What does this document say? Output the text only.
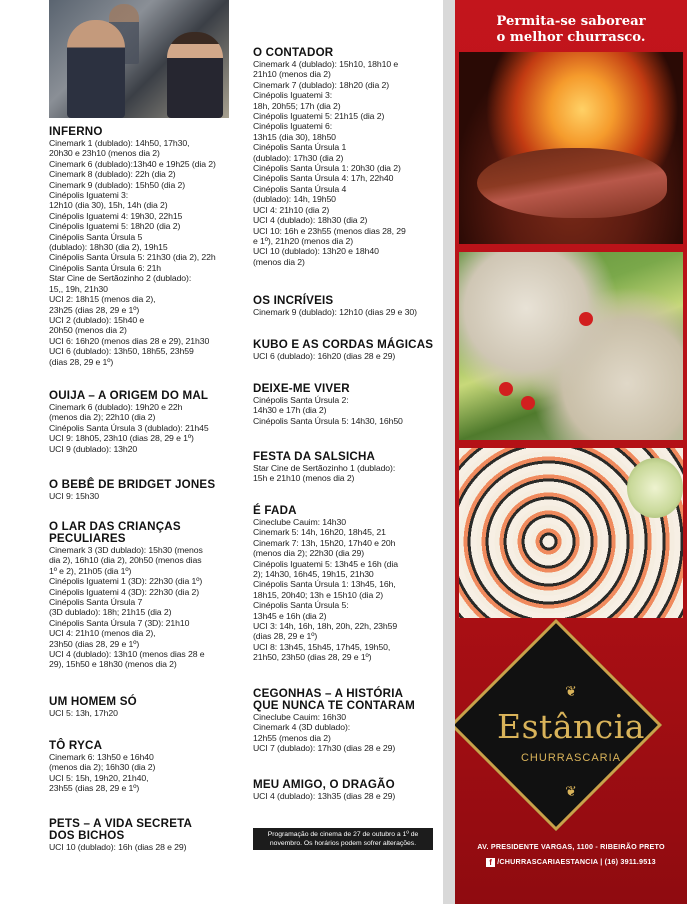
INFERNO
Cinemark 1 (dublado): 14h50, 17h30,
20h30 e 23h10 (menos dia 2)
Cinemark 6 (dublado):13h40 e 19h25 (dia 2)
Cinemark 8 (dublado): 22h (dia 2)
Cinemark 9 (dublado): 15h50 (dia 2)
Cinépolis Iguatemi 3:
12h10 (dia 30), 15h, 14h (dia 2)
Cinépolis Iguatemi 4: 19h30, 22h15
Cinépolis Iguatemi 5: 18h20 (dia 2)
Cinépolis Santa Úrsula 5
(dublado): 18h30 (dia 2), 19h15
Cinépolis Santa Úrsula 5: 21h30 (dia 2), 22h
Cinépolis Santa Úrsula 6: 21h
Star Cine de Sertãozinho 2 (dublado):
15,, 19h, 21h30
UCI 2: 18h15 (menos dia 2),
23h25 (dias 28, 29 e 1º)
UCI 2 (dublado): 15h40 e
20h50 (menos dia 2)
UCI 6: 16h20 (menos dias 28 e 29), 21h30
UCI 6 (dublado): 13h50, 18h55, 23h59
(dias 28, 29 e 1º)
OUIJA – A ORIGEM DO MAL
Cinemark 6 (dublado): 19h20 e 22h
(menos dia 2); 22h10 (dia 2)
Cinépolis Santa Úrsula 3 (dublado): 21h45
UCI 9: 18h05, 23h10 (dias 28, 29 e 1º)
UCI 9 (dublado): 13h20
O BEBÊ DE BRIDGET JONES
UCI 9: 15h30
O LAR DAS CRIANÇAS
PECULIARES
Cinemark 3 (3D dublado): 15h30 (menos
dia 2), 16h10 (dia 2), 20h50 (menos dias
1º e 2), 21h05 (dia 1º)
Cinépolis Iguatemi 1 (3D): 22h30 (dia 1º)
Cinépolis Iguatemi 4 (3D): 22h30 (dia 2)
Cinépolis Santa Úrsula 7
(3D dublado): 18h; 21h15 (dia 2)
Cinépolis Santa Úrsula 7 (3D): 21h10
UCI 4: 21h10 (menos dia 2),
23h50 (dias 28, 29 e 1º)
UCI 4 (dublado): 13h10 (menos dias 28 e
29), 15h50 e 18h30 (menos dia 2)
UM HOMEM SÓ
UCI 5: 13h, 17h20
TÔ RYCA
Cinemark 6: 13h50 e 16h40
(menos dia 2); 16h30 (dia 2)
UCI 5: 15h, 19h20, 21h40,
23h55 (dias 28, 29 e 1º)
PETS – A VIDA SECRETA
DOS BICHOS
UCI 10 (dublado): 16h (dias 28 e 29)
O CONTADOR
Cinemark 4 (dublado): 15h10, 18h10 e
21h10 (menos dia 2)
Cinemark 7 (dublado): 18h20 (dia 2)
Cinépolis Iguatemi 3:
18h, 20h55; 17h (dia 2)
Cinépolis Iguatemi 5: 21h15 (dia 2)
Cinépolis Iguatemi 6:
13h15 (dia 30), 18h50
Cinépolis Santa Úrsula 1
(dublado): 17h30 (dia 2)
Cinépolis Santa Úrsula 1: 20h30 (dia 2)
Cinépolis Santa Úrsula 4: 17h, 22h40
Cinépolis Santa Úrsula 4
(dublado): 14h, 19h50
UCI 4: 21h10 (dia 2)
UCI 4 (dublado): 18h30 (dia 2)
UCI 10: 16h e 23h55 (menos dias 28, 29
e 1º), 21h20 (menos dia 2)
UCI 10 (dublado): 13h20 e 18h40
(menos dia 2)
OS INCRÍVEIS
Cinemark 9 (dublado): 12h10 (dias 29 e 30)
KUBO E AS CORDAS MÁGICAS
UCI 6 (dublado): 16h20 (dias 28 e 29)
DEIXE-ME VIVER
Cinépolis Santa Úrsula 2:
14h30 e 17h (dia 2)
Cinépolis Santa Úrsula 5: 14h30, 16h50
FESTA DA SALSICHA
Star Cine de Sertãozinho 1 (dublado):
15h e 21h10 (menos dia 2)
É FADA
Cineclube Cauim: 14h30
Cinemark 5: 14h, 16h20, 18h45, 21
Cinemark 7: 13h, 15h20, 17h40 e 20h
(menos dia 2); 22h30 (dia 29)
Cinépolis Iguatemi 5: 13h45 e 16h (dia
2); 14h30, 16h45, 19h15, 21h30
Cinépolis Santa Úrsula 1: 13h45, 16h,
18h15, 20h40; 13h e 15h10 (dia 2)
Cinépolis Santa Úrsula 5:
13h45 e 16h (dia 2)
UCI 3: 14h, 16h, 18h, 20h, 22h, 23h59
(dias 28, 29 e 1º)
UCI 8: 13h45, 15h45, 17h45, 19h50,
21h50, 23h50 (dias 28, 29 e 1º)
CEGONHAS – A HISTÓRIA
QUE NUNCA TE CONTARAM
Cineclube Cauim: 16h30
Cinemark 4 (3D dublado):
12h55 (menos dia 2)
UCI 7 (dublado): 17h30 (dias 28 e 29)
MEU AMIGO, O DRAGÃO
UCI 4 (dublado): 13h35 (dias 28 e 29)
Programação de cinema de 27 de outubro a 1º de
novembro. Os horários podem sofrer alterações.
Permita-se saborear
o melhor churrasco.
❦
Estância
CHURRASCARIA
❦
AV. PRESIDENTE VARGAS, 1100 - RIBEIRÃO PRETO
f /CHURRASCARIAESTANCIA | (16) 3911.9513
